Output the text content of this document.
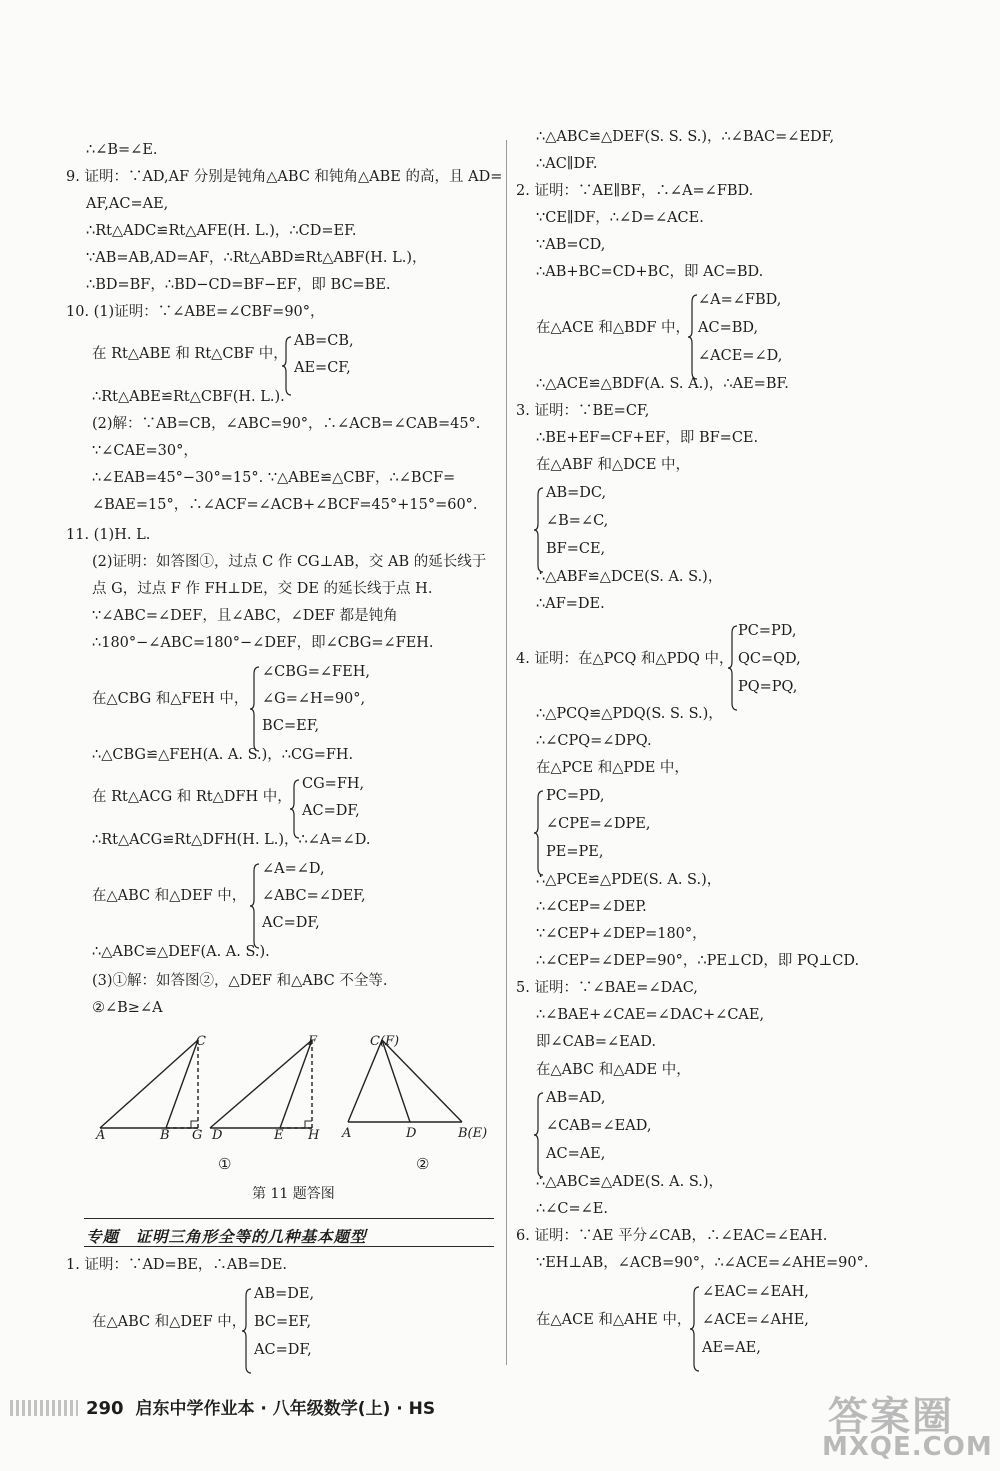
C
A	B G
F
D	E H
C(F)
A	D	B(E)
①	②
第 11 题答图
专题　证明三角形全等的几种基本题型
290 启东中学作业本 · 八年级数学(上) · HS	答案圈
MXQE.COM
∴∠B=∠E.
9. 证明：∵AD,AF 分别是钝角△ABC 和钝角△ABE 的高，且 AD=
AF,AC=AE,
∴Rt△ADC≌Rt△AFE(H. L.)，∴CD=EF.
∵AB=AB,AD=AF，∴Rt△ABD≌Rt△ABF(H. L.)，
∴BD=BF，∴BD−CD=BF−EF，即 BC=BE.
10. (1)证明：∵∠ABE=∠CBF=90°，
AB=CB,
在 Rt△ABE 和 Rt△CBF 中，
AE=CF,
∴Rt△ABE≌Rt△CBF(H. L.).
(2)解：∵AB=CB，∠ABC=90°，∴∠ACB=∠CAB=45°.
∵∠CAE=30°，
∴∠EAB=45°−30°=15°. ∵△ABE≌△CBF，∴∠BCF=
∠BAE=15°，∴∠ACF=∠ACB+∠BCF=45°+15°=60°.
11. (1)H. L.
(2)证明：如答图①，过点 C 作 CG⊥AB，交 AB 的延长线于
点 G，过点 F 作 FH⊥DE，交 DE 的延长线于点 H.
∵∠ABC=∠DEF，且∠ABC，∠DEF 都是钝角
∴180°−∠ABC=180°−∠DEF，即∠CBG=∠FEH.
∠CBG=∠FEH,
在△CBG 和△FEH 中， ∠G=∠H=90°,
BC=EF,
∴△CBG≌△FEH(A. A. S.)，∴CG=FH.
CG=FH,
在 Rt△ACG 和 Rt△DFH 中，
AC=DF,
∴Rt△ACG≌Rt△DFH(H. L.)，∴∠A=∠D.
∠A=∠D,
在△ABC 和△DEF 中， ∠ABC=∠DEF,
AC=DF,
∴△ABC≌△DEF(A. A. S.).
(3)①解：如答图②，△DEF 和△ABC 不全等.
②∠B≥∠A
1. 证明：∵AD=BE，∴AB=DE.
AB=DE,
在△ABC 和△DEF 中， BC=EF,
AC=DF,
∴△ABC≌△DEF(S. S. S.)，∴∠BAC=∠EDF,
∴AC∥DF.
2. 证明：∵AE∥BF，∴∠A=∠FBD.
∵CE∥DF，∴∠D=∠ACE.
∵AB=CD,
∴AB+BC=CD+BC，即 AC=BD.
∠A=∠FBD,
在△ACE 和△BDF 中， AC=BD,
∠ACE=∠D,
∴△ACE≌△BDF(A. S. A.)，∴AE=BF.
3. 证明：∵BE=CF,
∴BE+EF=CF+EF，即 BF=CE.
在△ABF 和△DCE 中，
AB=DC,
∠B=∠C,
BF=CE,
∴△ABF≌△DCE(S. A. S.)，
∴AF=DE.
PC=PD,
4. 证明：在△PCQ 和△PDQ 中， QC=QD,
PQ=PQ,
∴△PCQ≌△PDQ(S. S. S.)，
∴∠CPQ=∠DPQ.
在△PCE 和△PDE 中，
PC=PD,
∠CPE=∠DPE,
PE=PE,
∴△PCE≌△PDE(S. A. S.)，
∴∠CEP=∠DEP.
∵∠CEP+∠DEP=180°，
∴∠CEP=∠DEP=90°，∴PE⊥CD，即 PQ⊥CD.
5. 证明：∵∠BAE=∠DAC,
∴∠BAE+∠CAE=∠DAC+∠CAE,
即∠CAB=∠EAD.
在△ABC 和△ADE 中，
AB=AD,
∠CAB=∠EAD,
AC=AE,
∴△ABC≌△ADE(S. A. S.)，
∴∠C=∠E.
6. 证明：∵AE 平分∠CAB，∴∠EAC=∠EAH.
∵EH⊥AB，∠ACB=90°，∴∠ACE=∠AHE=90°.
∠EAC=∠EAH,
在△ACE 和△AHE 中， ∠ACE=∠AHE,
AE=AE,
